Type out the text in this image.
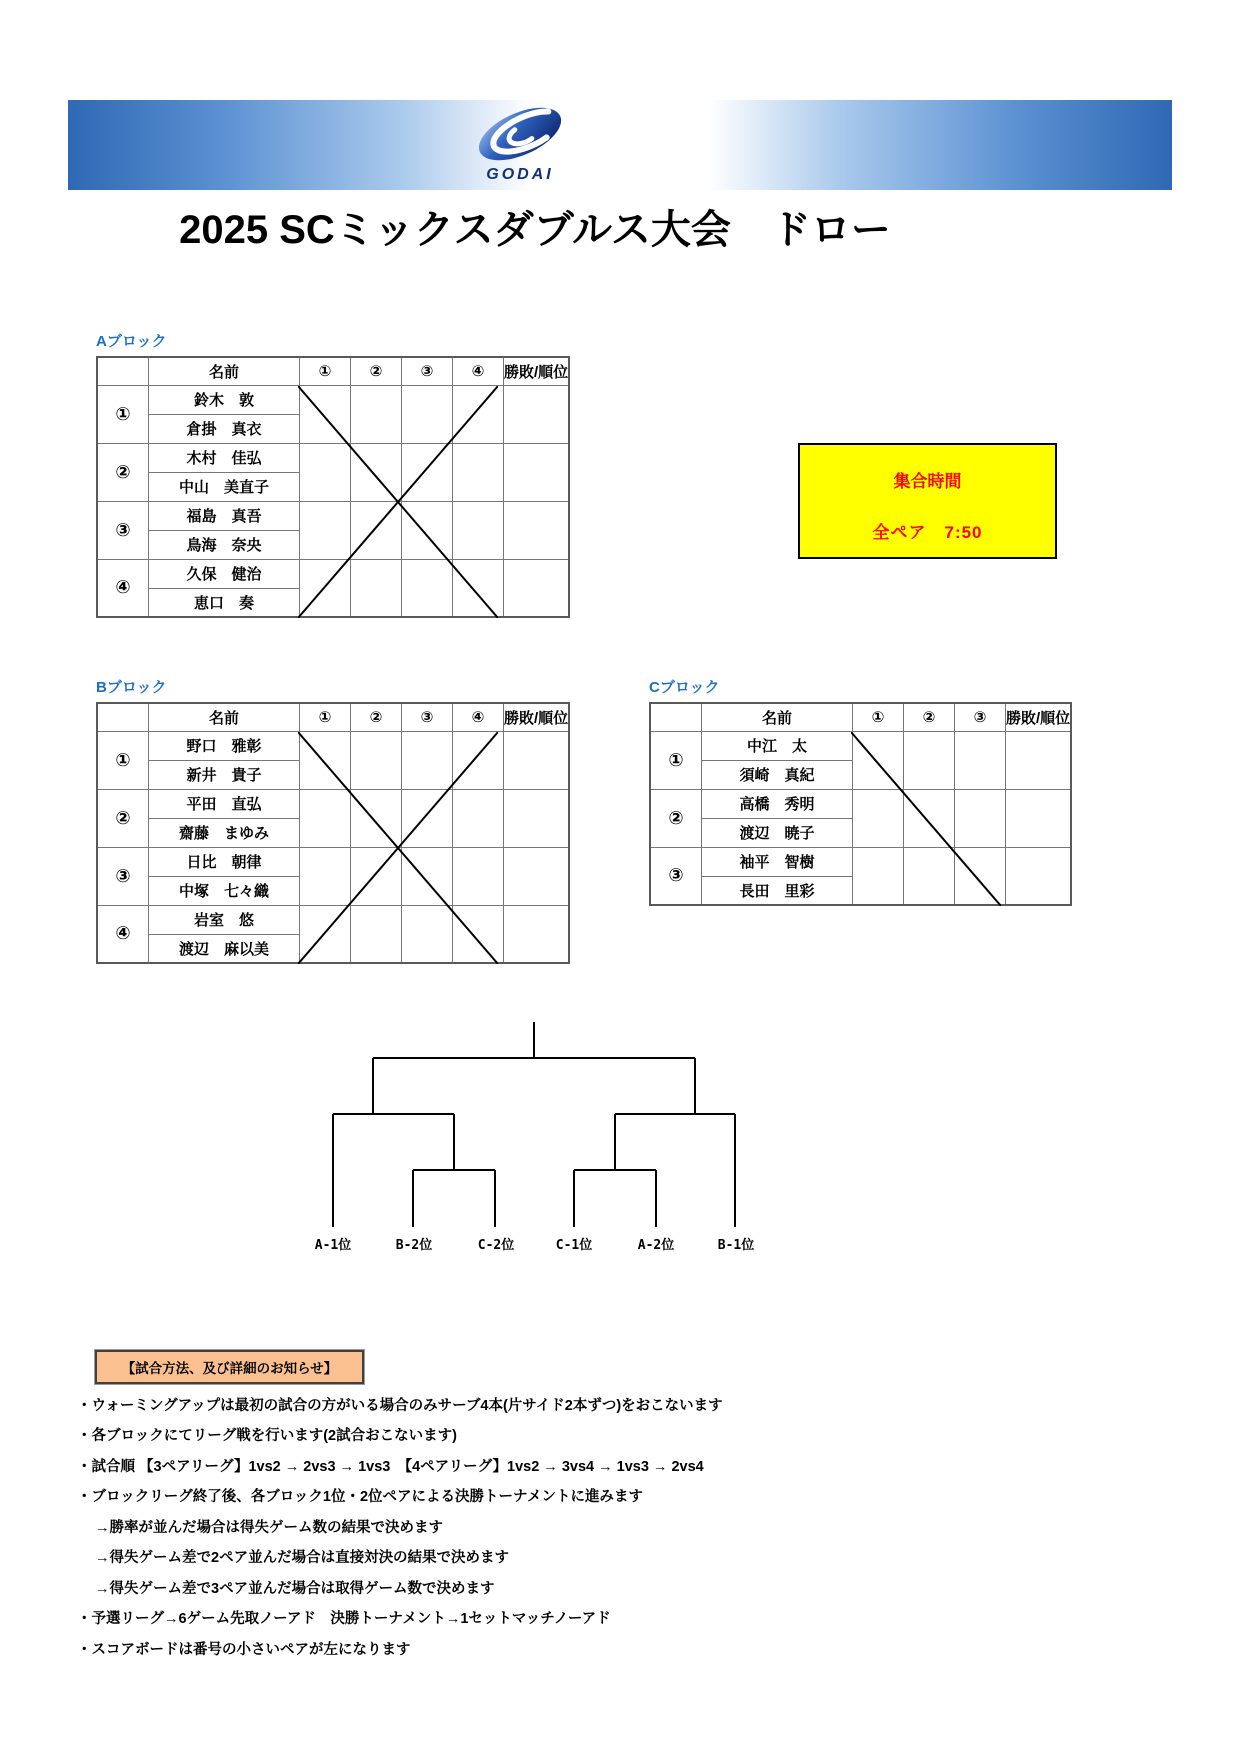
GODAI
2025 SCミックスダブルス大会　ドロー
Aブロック
	名前	①	②	③	④	勝敗/順位
①	鈴木　敦					
	倉掛　真衣					
②	木村　佳弘					
	中山　美直子					
③	福島　真吾					
	鳥海　奈央					
④	久保　健治					
	恵口　奏					
Bブロック
	名前	①	②	③	④	勝敗/順位
①	野口　雅彰					
	新井　貴子					
②	平田　直弘					
	齋藤　まゆみ					
③	日比　朝律					
	中塚　七々織					
④	岩室　悠					
	渡辺　麻以美					
Cブロック
	名前	①	②	③	勝敗/順位
①	中江　太				
	須崎　真紀				
②	高橋　秀明				
	渡辺　暁子				
③	袖平　智樹				
	長田　里彩				
集合時間
全ペア　7:50
A-1位	B-2位	C-2位	C-1位	A-2位	B-1位
【試合方法、及び詳細のお知らせ】
・ウォーミングアップは最初の試合の方がいる場合のみサーブ4本(片サイド2本ずつ)をおこないます
・各ブロックにてリーグ戦を行います(2試合おこないます)
・試合順 【3ペアリーグ】1vs2 → 2vs3 → 1vs3　【4ペアリーグ】1vs2 → 3vs4 → 1vs3 → 2vs4
・ブロックリーグ終了後、各ブロック1位・2位ペアによる決勝トーナメントに進みます
→勝率が並んだ場合は得失ゲーム数の結果で決めます
→得失ゲーム差で2ペア並んだ場合は直接対決の結果で決めます
→得失ゲーム差で3ペア並んだ場合は取得ゲーム数で決めます
・予選リーグ→6ゲーム先取ノーアド　決勝トーナメント→1セットマッチノーアド
・スコアボードは番号の小さいペアが左になります
